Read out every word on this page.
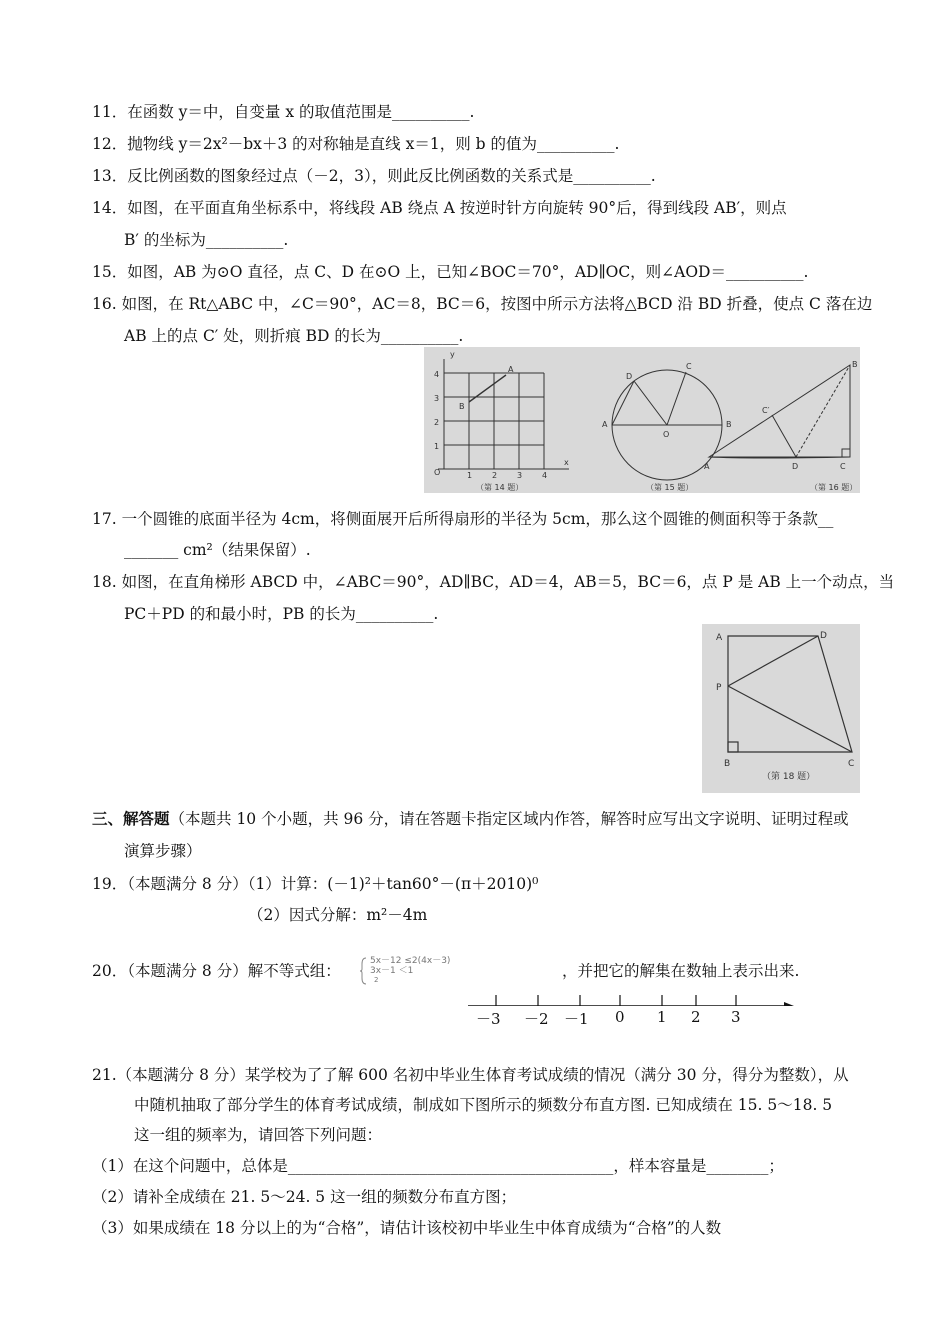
11．在函数 y＝中，自变量 x 的取值范围是__________.
12．抛物线 y＝2x²－bx＋3 的对称轴是直线 x＝1，则 b 的值为__________.
13．反比例函数的图象经过点（－2，3），则此反比例函数的关系式是__________.
14．如图，在平面直角坐标系中，将线段 AB 绕点 A 按逆时针方向旋转 90°后，得到线段 AB′，则点
B′ 的坐标为__________.
15．如图，AB 为⊙O 直径，点 C、D 在⊙O 上，已知∠BOC＝70°，AD∥OC，则∠AOD＝__________.
16. 如图，在 Rt△ABC 中，∠C＝90°，AC＝8，BC＝6，按图中所示方法将△BCD 沿 BD 折叠，使点 C 落在边
AB 上的点 C′ 处，则折痕 BD 的长为__________.
y
x
4
3
2
1
O	1 2 3 4
A
B
（第 14 题）
A	B
O
C
D
（第 15 题）
A
B
C
D
C′
（第 16 题）
17. 一个圆锥的底面半径为 4cm，将侧面展开后所得扇形的半径为 5cm，那么这个圆锥的侧面积等于条款__
_______ cm²（结果保留）.
18. 如图，在直角梯形 ABCD 中，∠ABC＝90°，AD∥BC，AD＝4，AB＝5，BC＝6，点 P 是 AB 上一个动点，当
PC＋PD 的和最小时，PB 的长为__________.
A	D
P
B	C
（第 18 题）
三、解答题（本题共 10 个小题，共 96 分，请在答题卡指定区域内作答，解答时应写出文字说明、证明过程或
演算步骤）
19．（本题满分 8 分）（1）计算：(－1)²＋tan60°－(π＋2010)⁰
（2）因式分解：m²－4m
20．（本题满分 8 分）解不等式组：
5x－12 ≤2(4x－3)
3x－1 ＜1
2	，并把它的解集在数轴上表示出来.
－3 －2 －1 0 1 2 3
21.（本题满分 8 分）某学校为了了解 600 名初中毕业生体育考试成绩的情况（满分 30 分，得分为整数），从
中随机抽取了部分学生的体育考试成绩，制成如下图所示的频数分布直方图. 已知成绩在 15. 5～18. 5
这一组的频率为，请回答下列问题：
（1）在这个问题中，总体是__________________________________________，样本容量是________；
（2）请补全成绩在 21. 5～24. 5 这一组的频数分布直方图；
（3）如果成绩在 18 分以上的为“合格”，请估计该校初中毕业生中体育成绩为“合格”的人数
